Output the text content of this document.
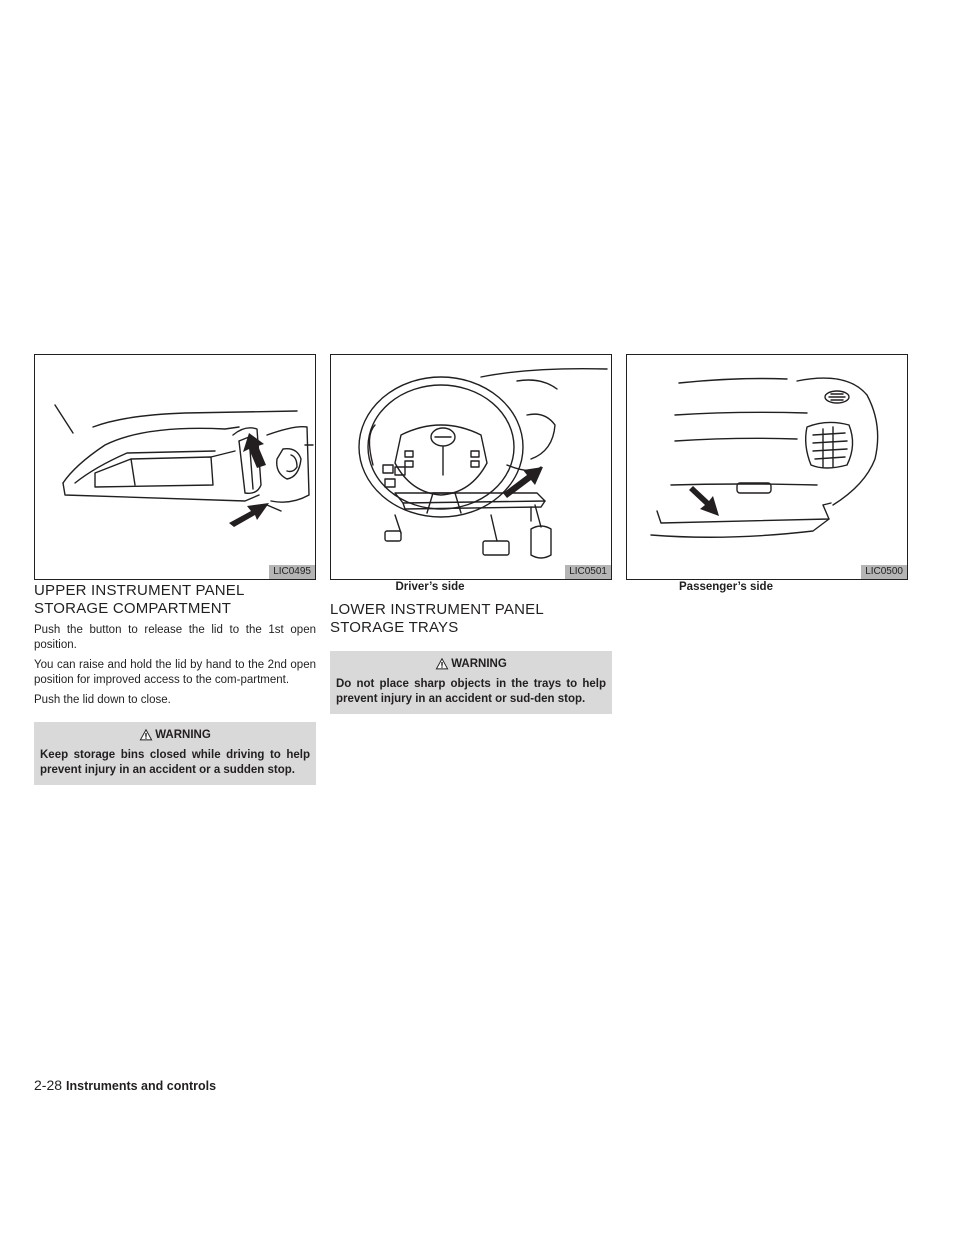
LIC0495
UPPER INSTRUMENT PANEL
STORAGE COMPARTMENT

Push the button to release the lid to the 1st open position.

You can raise and hold the lid by hand to the 2nd open position for improved access to the com-partment.

Push the lid down to close.

WARNING
Keep storage bins closed while driving to help prevent injury in an accident or a sudden stop.
LIC0501
Driver’s side
LOWER INSTRUMENT PANEL
STORAGE TRAYS
WARNING
Do not place sharp objects in the trays to help prevent injury in an accident or sud-den stop.
LIC0500
Passenger’s side
2-28 Instruments and controls
